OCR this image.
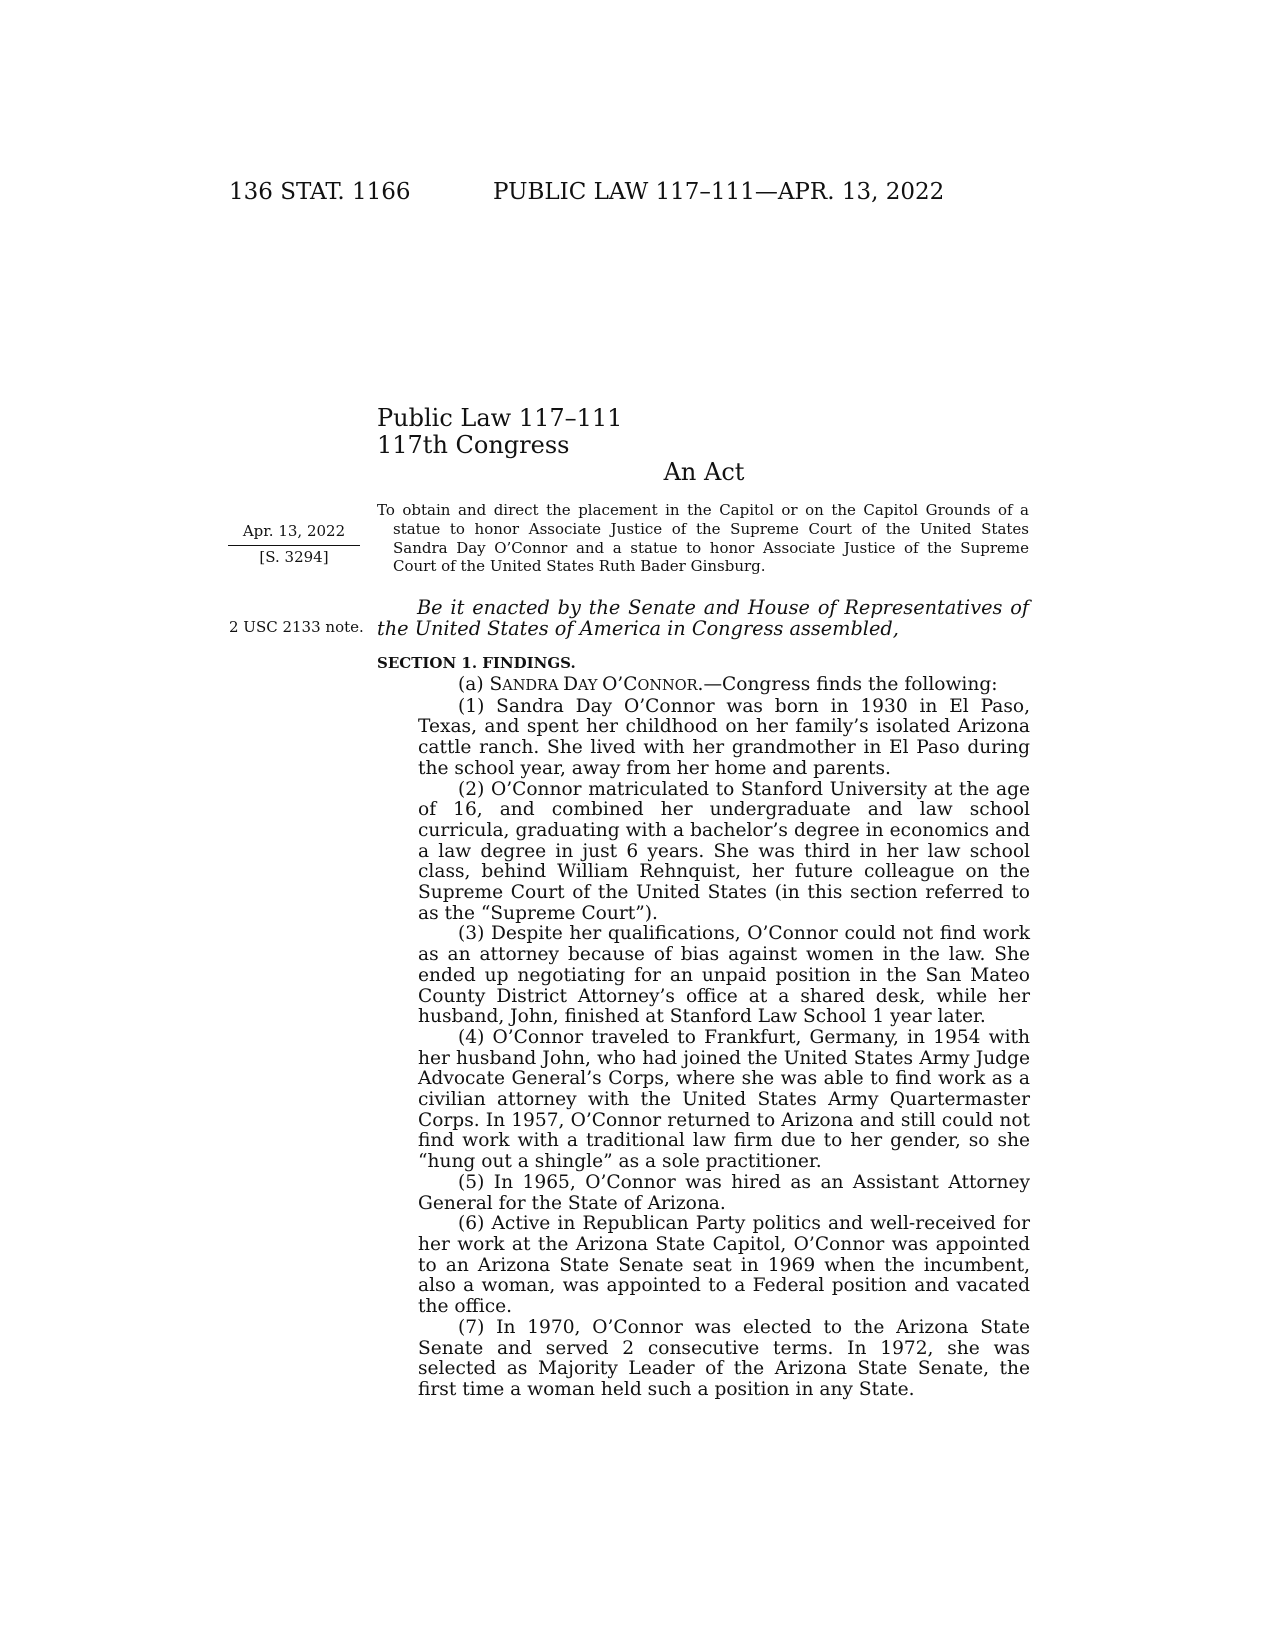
136 STAT. 1166	PUBLIC LAW 117–111—APR. 13, 2022
Public Law 117–111
117th Congress
An Act
Apr. 13, 2022
[S. 3294]
To obtain and direct the placement in the Capitol or on the Capitol Grounds of a statue to honor Associate Justice of the Supreme Court of the United States Sandra Day O’Connor and a statue to honor Associate Justice of the Supreme Court of the United States Ruth Bader Ginsburg.
2 USC 2133 note.
Be it enacted by the Senate and House of Representatives of the United States of America in Congress assembled,
SECTION 1. FINDINGS.

(a) SANDRA DAY O’CONNOR.—Congress finds the following:

(1) Sandra Day O’Connor was born in 1930 in El Paso, Texas, and spent her childhood on her family’s isolated Arizona cattle ranch. She lived with her grandmother in El Paso during the school year, away from her home and parents.

(2) O’Connor matriculated to Stanford University at the age of 16, and combined her undergraduate and law school curricula, graduating with a bachelor’s degree in economics and a law degree in just 6 years. She was third in her law school class, behind William Rehnquist, her future colleague on the Supreme Court of the United States (in this section referred to as the “Supreme Court”).

(3) Despite her qualifications, O’Connor could not find work as an attorney because of bias against women in the law. She ended up negotiating for an unpaid position in the San Mateo County District Attorney’s office at a shared desk, while her husband, John, finished at Stanford Law School 1 year later.

(4) O’Connor traveled to Frankfurt, Germany, in 1954 with her husband John, who had joined the United States Army Judge Advocate General’s Corps, where she was able to find work as a civilian attorney with the United States Army Quartermaster Corps. In 1957, O’Connor returned to Arizona and still could not find work with a traditional law firm due to her gender, so she “hung out a shingle” as a sole practitioner.

(5) In 1965, O’Connor was hired as an Assistant Attorney General for the State of Arizona.

(6) Active in Republican Party politics and well-received for her work at the Arizona State Capitol, O’Connor was appointed to an Arizona State Senate seat in 1969 when the incumbent, also a woman, was appointed to a Federal position and vacated the office.

(7) In 1970, O’Connor was elected to the Arizona State Senate and served 2 consecutive terms. In 1972, she was selected as Majority Leader of the Arizona State Senate, the first time a woman held such a position in any State.
